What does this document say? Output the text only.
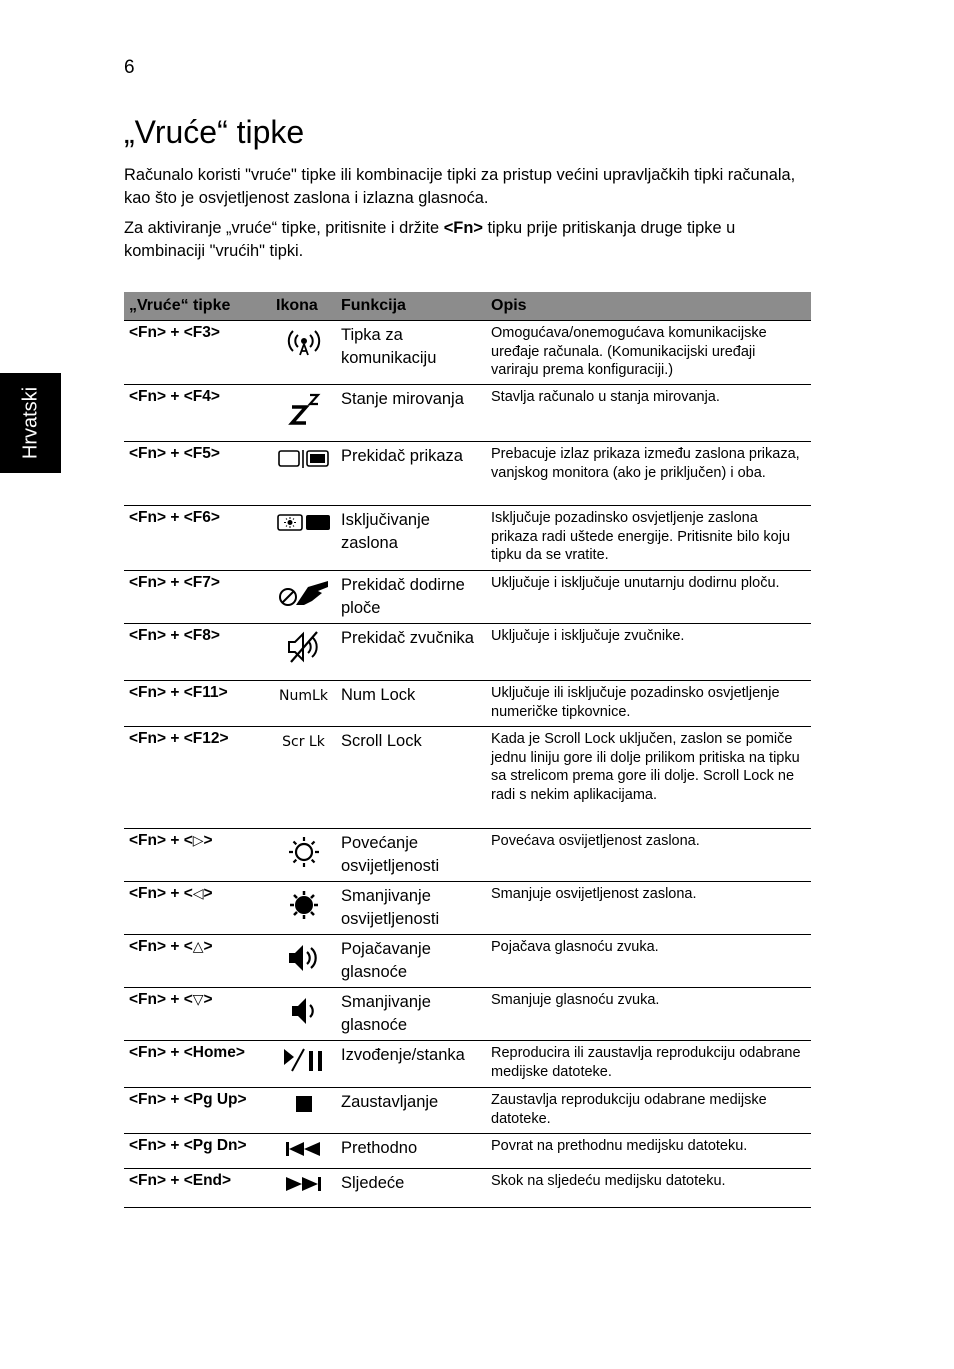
6
Hrvatski
„Vruće“ tipke

Računalo koristi "vruće" tipke ili kombinacije tipki za pristup većini upravljačkih tipki računala, kao što je osvjetljenost zaslona i izlazna glasnoća.

Za aktiviranje „vruće“ tipke, pritisnite i držite <Fn> tipku prije pritiskanja druge tipke u kombinaciji "vrućih" tipki.

„Vruće“ tipke	Ikona	Funkcija	Opis
<Fn> + <F3>		Tipka za komunikaciju	Omogućava/onemogućava komunikacijske uređaje računala. (Komunikacijski uređaji variraju prema konfiguraciji.)
<Fn> + <F4>		Stanje mirovanja	Stavlja računalo u stanja mirovanja.
<Fn> + <F5>		Prekidač prikaza	Prebacuje izlaz prikaza između zaslona prikaza, vanjskog monitora (ako je priključen) i oba.
<Fn> + <F6>		Isključivanje zaslona	Isključuje pozadinsko osvjetljenje zaslona prikaza radi uštede energije. Pritisnite bilo koju tipku da se vratite.
<Fn> + <F7>		Prekidač dodirne ploče	Uključuje i isključuje unutarnju dodirnu ploču.
<Fn> + <F8>		Prekidač zvučnika	Uključuje i isključuje zvučnike.
<Fn> + <F11>	NumLk	Num Lock	Uključuje ili isključuje pozadinsko osvjetljenje numeričke tipkovnice.
<Fn> + <F12>	Scr Lk	Scroll Lock	Kada je Scroll Lock uključen, zaslon se pomiče jednu liniju gore ili dolje prilikom pritiska na tipku sa strelicom prema gore ili dolje. Scroll Lock ne radi s nekim aplikacijama.
<Fn> + <▷>		Povećanje osvijetljenosti	Povećava osvijetljenost zaslona.
<Fn> + <◁>		Smanjivanje osvijetljenosti	Smanjuje osvijetljenost zaslona.
<Fn> + <△>		Pojačavanje glasnoće	Pojačava glasnoću zvuka.
<Fn> + <▽>		Smanjivanje glasnoće	Smanjuje glasnoću zvuka.
<Fn> + <Home>		Izvođenje/stanka	Reproducira ili zaustavlja reprodukciju odabrane medijske datoteke.
<Fn> + <Pg Up>		Zaustavljanje	Zaustavlja reprodukciju odabrane medijske datoteke.
<Fn> + <Pg Dn>		Prethodno	Povrat na prethodnu medijsku datoteku.
<Fn> + <End>		Sljedeće	Skok na sljedeću medijsku datoteku.
